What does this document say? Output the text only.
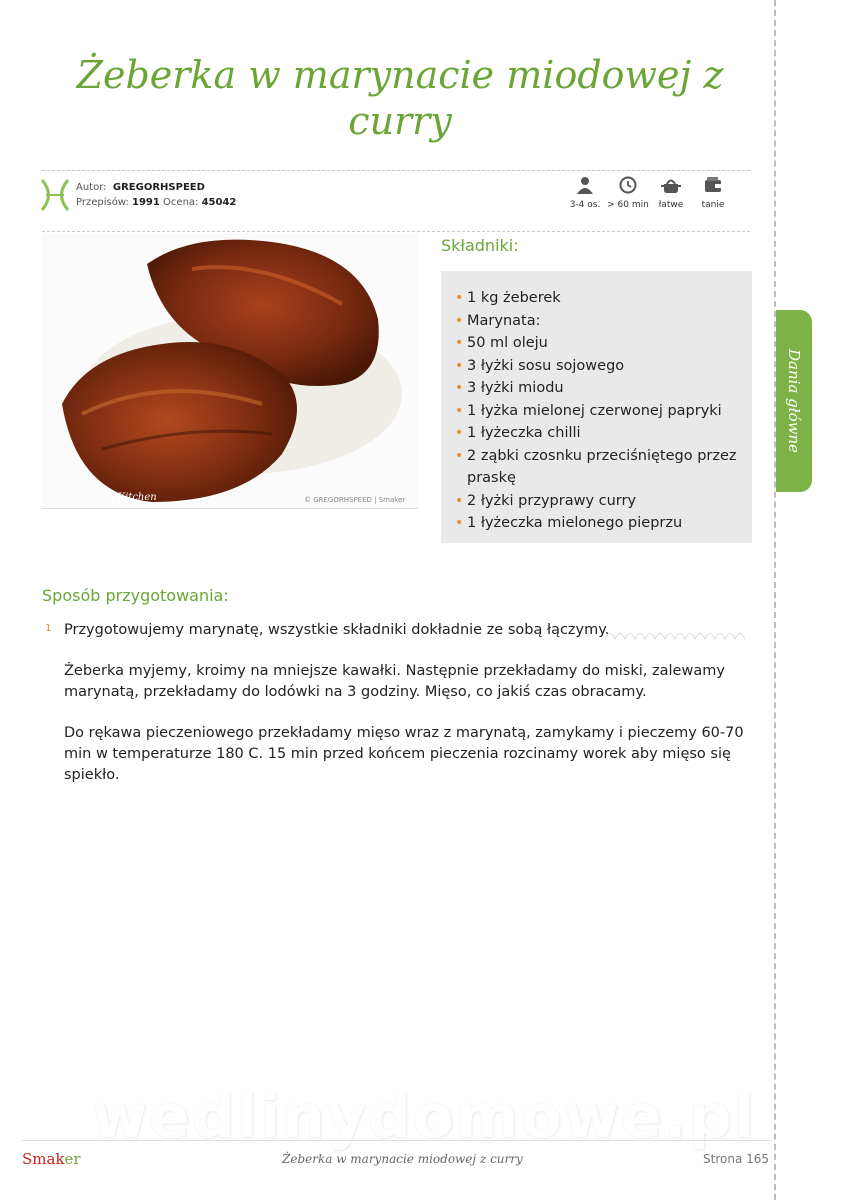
Żeberka w marynacie miodowej z curry
Dania główne
Autor: GREGORHSPEED
Przepisów: 1991 Ocena: 45042	3-4 os. > 60 min	łatwe	tanie
R'n'G Kitchen	© GREGORHSPEED | Smaker
Składniki:
• 1 kg żeberek
• Marynata:
• 50 ml oleju
• 3 łyżki sosu sojowego
• 3 łyżki miodu
• 1 łyżka mielonej czerwonej papryki
• 1 łyżeczka chilli
• 2 ząbki czosnku przeciśniętego przez praskę
• 2 łyżki przyprawy curry
• 1 łyżeczka mielonego pieprzu
Sposób przygotowania:
1 Przygotowujemy marynatę, wszystkie składniki dokładnie ze sobą łączymy.

Żeberka myjemy, kroimy na mniejsze kawałki. Następnie przekładamy do miski, zalewamy marynatą, przekładamy do lodówki na 3 godziny. Mięso, co jakiś czas obracamy.

Do rękawa pieczeniowego przekładamy mięso wraz z marynatą, zamykamy i pieczemy 60-70 min w temperaturze 180 C. 15 min przed końcem pieczenia rozcinamy worek aby mięso się spiekło.

wedlinydomowe.pl
Smaker	Żeberka w marynacie miodowej z curry	Strona 165
